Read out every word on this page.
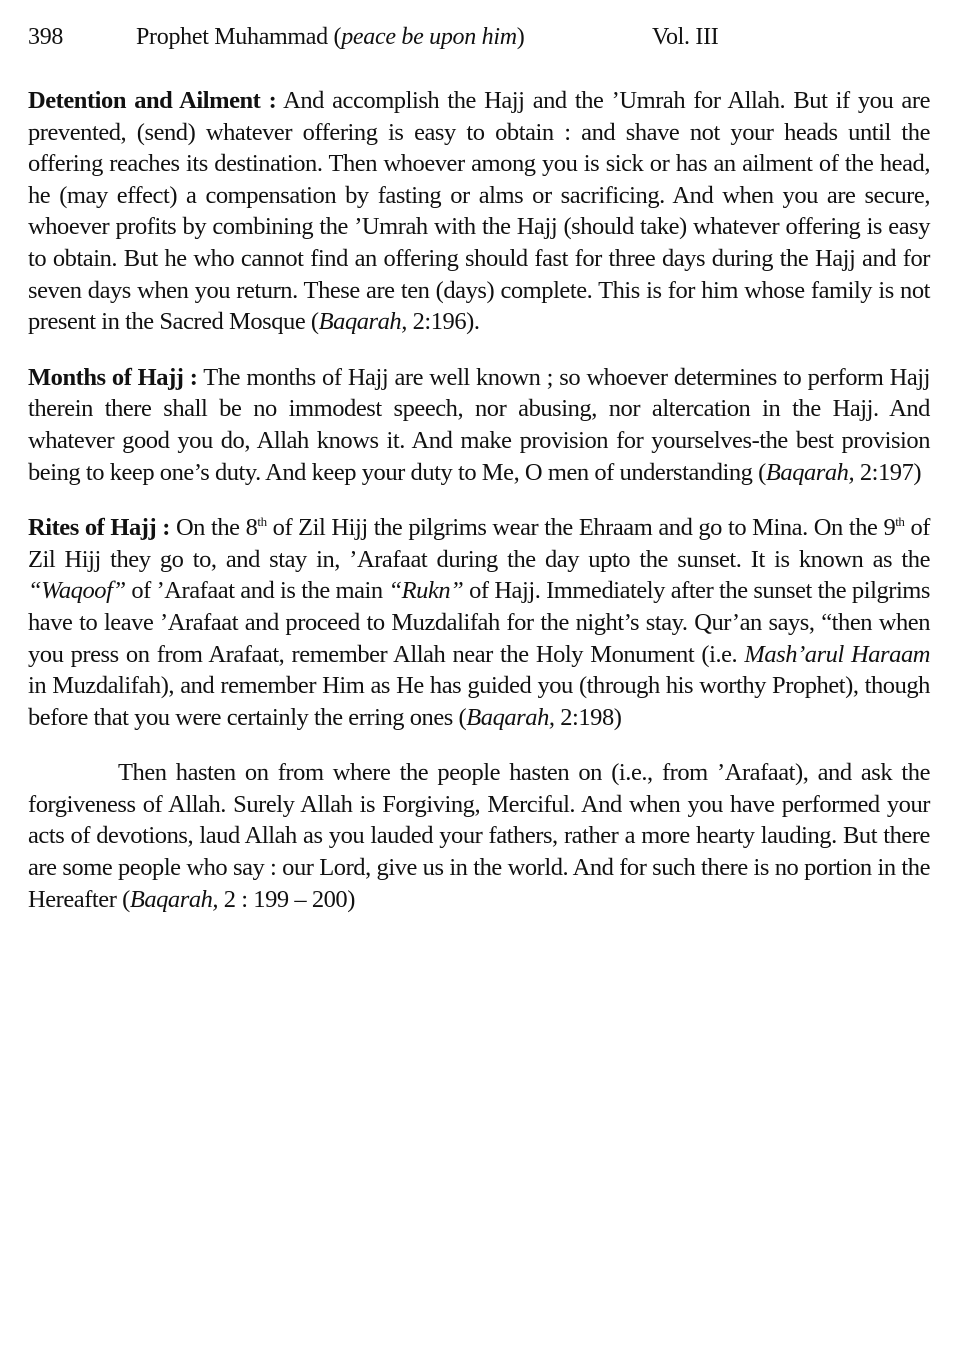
398	Prophet Muhammad (peace be upon him)	Vol. III

Detention and Ailment : And accomplish the Hajj and the ’Umrah for Allah. But if you are prevented, (send) whatever offering is easy to obtain : and shave not your heads until the offering reaches its destination. Then whoever among you is sick or has an ailment of the head, he (may effect) a compensation by fasting or alms or sacrificing. And when you are secure, whoever profits by combining the ’Umrah with the Hajj (should take) whatever offering is easy to obtain. But he who cannot find an offering should fast for three days during the Hajj and for seven days when you return. These are ten (days) complete. This is for him whose family is not present in the Sacred Mosque (Baqarah, 2:196).

Months of Hajj : The months of Hajj are well known ; so whoever determines to perform Hajj therein there shall be no immodest speech, nor abusing, nor altercation in the Hajj. And whatever good you do, Allah knows it. And make provision for yourselves-the best provision being to keep one’s duty. And keep your duty to Me, O men of understanding (Baqarah, 2:197)

Rites of Hajj : On the 8th of Zil Hijj the pilgrims wear the Ehraam and go to Mina. On the 9th of Zil Hijj they go to, and stay in, ’Arafaat during the day upto the sunset. It is known as the “Waqoof” of ’Arafaat and is the main “Rukn” of Hajj. Immediately after the sunset the pilgrims have to leave ’Arafaat and proceed to Muzdalifah for the night’s stay. Qur’an says, “then when you press on from Arafaat, remember Allah near the Holy Monument (i.e. Mash’arul Haraam in Muzdalifah), and remember Him as He has guided you (through his worthy Prophet), though before that you were certainly the erring ones (Baqarah, 2:198)

Then hasten on from where the people hasten on (i.e., from ’Arafaat), and ask the forgiveness of Allah. Surely Allah is Forgiving, Merciful. And when you have performed your acts of devotions, laud Allah as you lauded your fathers, rather a more hearty lauding. But there are some people who say : our Lord, give us in the world. And for such there is no portion in the Hereafter (Baqarah, 2 : 199 – 200)
